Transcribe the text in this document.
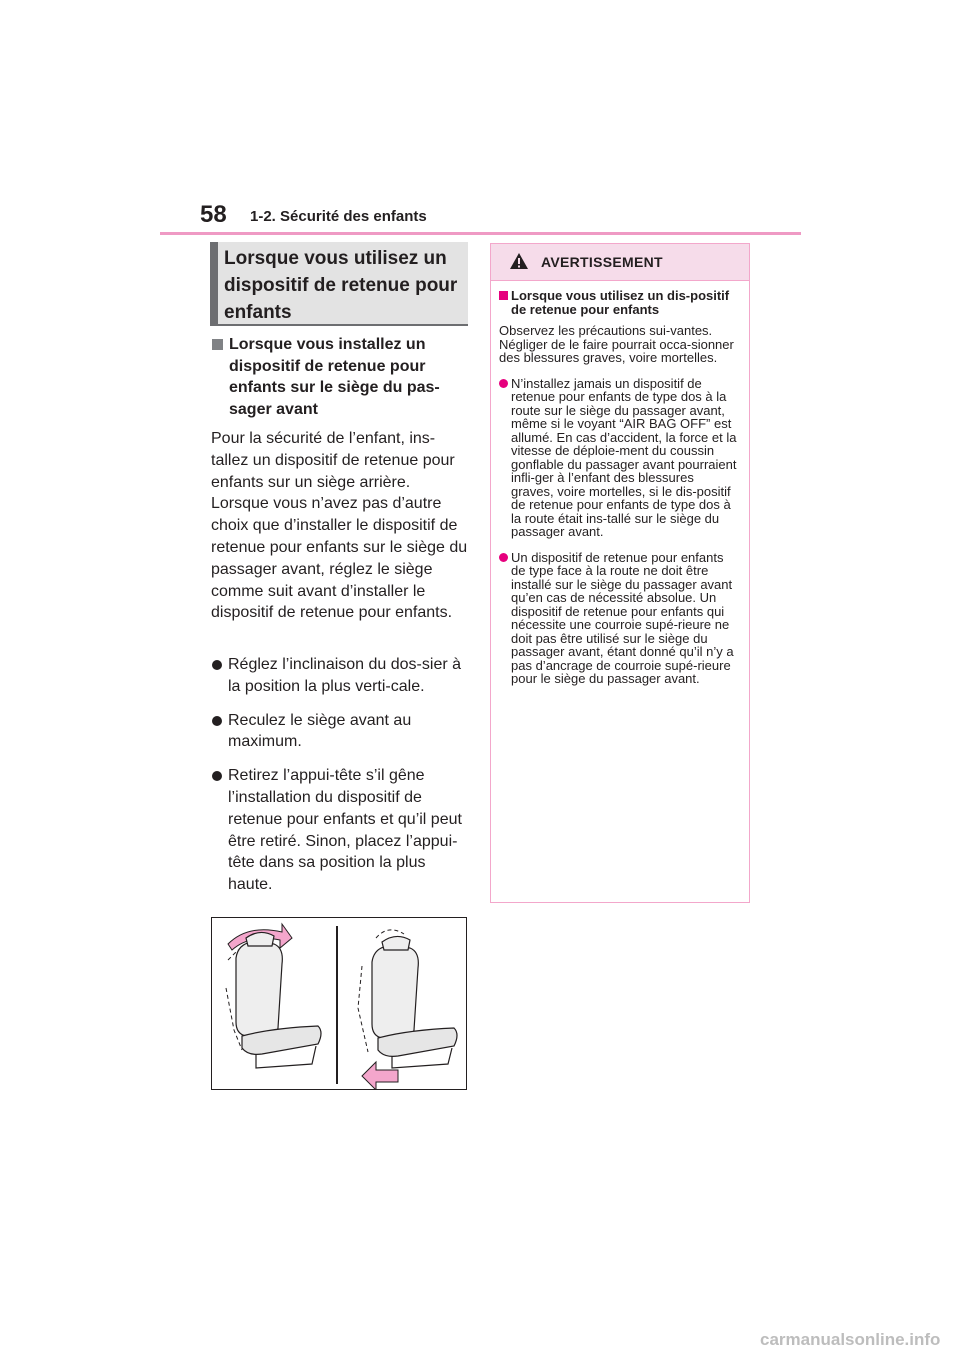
58 1-2. Sécurité des enfants
Lorsque vous utilisez un dispositif de retenue pour enfants
Lorsque vous installez un dispositif de retenue pour enfants sur le siège du pas-sager avant
Pour la sécurité de l’enfant, ins-tallez un dispositif de retenue pour enfants sur un siège arrière. Lorsque vous n’avez pas d’autre choix que d’installer le dispositif de retenue pour enfants sur le siège du passager avant, réglez le siège comme suit avant d’installer le dispositif de retenue pour enfants.
Réglez l’inclinaison du dos-sier à la position la plus verti-cale.
Reculez le siège avant au maximum.
Retirez l’appui-tête s’il gêne l’installation du dispositif de retenue pour enfants et qu’il peut être retiré. Sinon, placez l’appui-tête dans sa position la plus haute.
AVERTISSEMENT
Lorsque vous utilisez un dis-positif de retenue pour enfants
Observez les précautions sui-vantes. Négliger de le faire pourrait occa-sionner des blessures graves, voire mortelles.
N’installez jamais un dispositif de retenue pour enfants de type dos à la route sur le siège du passager avant, même si le voyant “AIR BAG OFF” est allumé. En cas d’accident, la force et la vitesse de déploie-ment du coussin gonflable du passager avant pourraient infli-ger à l’enfant des blessures graves, voire mortelles, si le dis-positif de retenue pour enfants de type dos à la route était ins-tallé sur le siège du passager avant.
Un dispositif de retenue pour enfants de type face à la route ne doit être installé sur le siège du passager avant qu’en cas de nécessité absolue. Un dispositif de retenue pour enfants qui nécessite une courroie supé-rieure ne doit pas être utilisé sur le siège du passager avant, étant donné qu’il n’y a pas d’ancrage de courroie supé-rieure pour le siège du passager avant.
carmanualsonline.info
